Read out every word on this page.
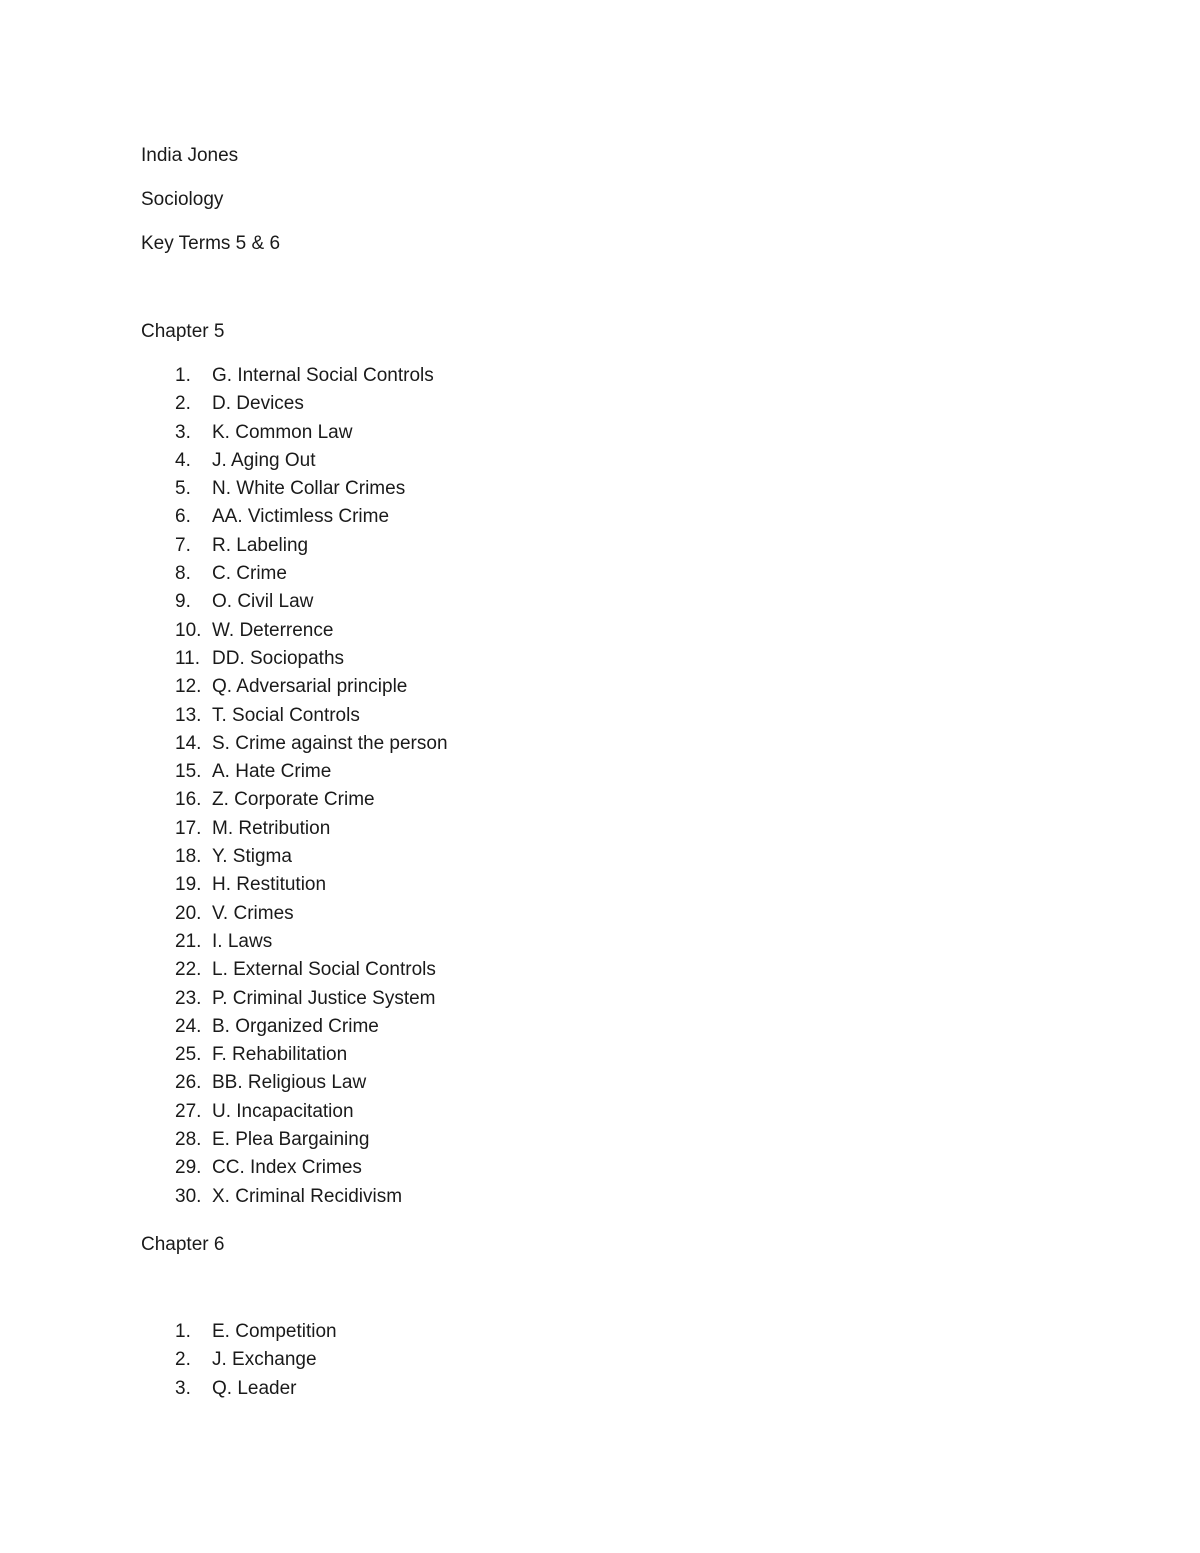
India Jones
Sociology
Key Terms 5 & 6
Chapter 5
1.	G. Internal Social Controls
2.	D. Devices
3.	K. Common Law
4.	J. Aging Out
5.	N. White Collar Crimes
6.	AA. Victimless Crime
7.	R. Labeling
8.	C. Crime
9.	O. Civil Law
10. W. Deterrence
11. DD. Sociopaths
12. Q. Adversarial principle
13. T. Social Controls
14. S. Crime against the person
15. A. Hate Crime
16. Z. Corporate Crime
17. M. Retribution
18. Y. Stigma
19. H. Restitution
20. V. Crimes
21. I. Laws
22. L. External Social Controls
23. P. Criminal Justice System
24. B. Organized Crime
25. F. Rehabilitation
26. BB. Religious Law
27. U. Incapacitation
28. E. Plea Bargaining
29. CC. Index Crimes
30. X. Criminal Recidivism
Chapter 6
1.	E. Competition
2.	J. Exchange
3.	Q. Leader
